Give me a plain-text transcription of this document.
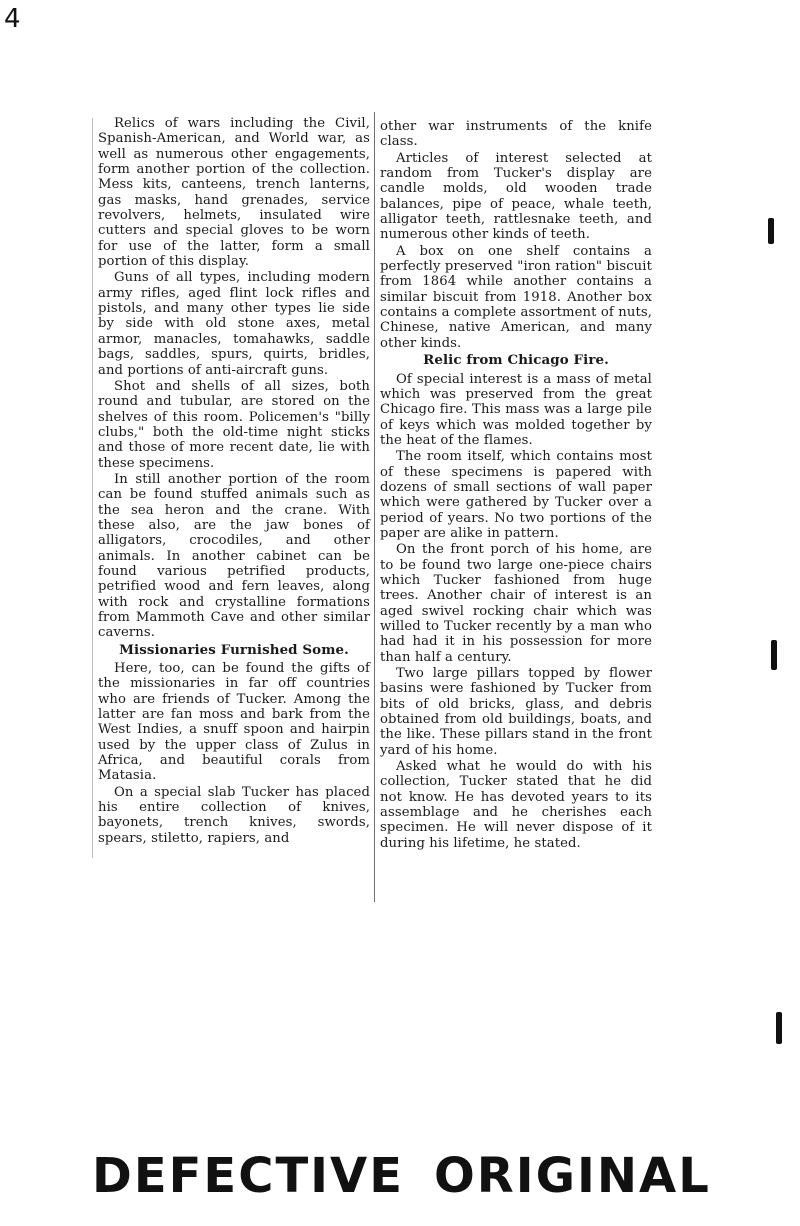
4

Relics of wars including the Civil, Spanish-American, and World war, as well as numerous other engagements, form another portion of the collection. Mess kits, canteens, trench lanterns, gas masks, hand grenades, service revolvers, helmets, insulated wire cutters and special gloves to be worn for use of the latter, form a small portion of this display.

Guns of all types, including modern army rifles, aged flint lock rifles and pistols, and many other types lie side by side with old stone axes, metal armor, manacles, tomahawks, saddle bags, saddles, spurs, quirts, bridles, and portions of anti-aircraft guns.

Shot and shells of all sizes, both round and tubular, are stored on the shelves of this room. Policemen's "billy clubs," both the old-time night sticks and those of more recent date, lie with these specimens.

In still another portion of the room can be found stuffed animals such as the sea heron and the crane. With these also, are the jaw bones of alligators, crocodiles, and other animals. In another cabinet can be found various petrified products, petrified wood and fern leaves, along with rock and crystalline formations from Mammoth Cave and other similar caverns.

Missionaries Furnished Some.

Here, too, can be found the gifts of the missionaries in far off countries who are friends of Tucker. Among the latter are fan moss and bark from the West Indies, a snuff spoon and hairpin used by the upper class of Zulus in Africa, and beautiful corals from Matasia.

On a special slab Tucker has placed his entire collection of knives, bayonets, trench knives, swords, spears, stiletto, rapiers, and

other war instruments of the knife class.

Articles of interest selected at random from Tucker's display are candle molds, old wooden trade balances, pipe of peace, whale teeth, alligator teeth, rattlesnake teeth, and numerous other kinds of teeth.

A box on one shelf contains a perfectly preserved "iron ration" biscuit from 1864 while another contains a similar biscuit from 1918. Another box contains a complete assortment of nuts, Chinese, native American, and many other kinds.

Relic from Chicago Fire.

Of special interest is a mass of metal which was preserved from the great Chicago fire. This mass was a large pile of keys which was molded together by the heat of the flames.

The room itself, which contains most of these specimens is papered with dozens of small sections of wall paper which were gathered by Tucker over a period of years. No two portions of the paper are alike in pattern.

On the front porch of his home, are to be found two large one-piece chairs which Tucker fashioned from huge trees. Another chair of interest is an aged swivel rocking chair which was willed to Tucker recently by a man who had had it in his possession for more than half a century.

Two large pillars topped by flower basins were fashioned by Tucker from bits of old bricks, glass, and debris obtained from old buildings, boats, and the like. These pillars stand in the front yard of his home.

Asked what he would do with his collection, Tucker stated that he did not know. He has devoted years to its assemblage and he cherishes each specimen. He will never dispose of it during his lifetime, he stated.

DEFECTIVE ORIGINAL
